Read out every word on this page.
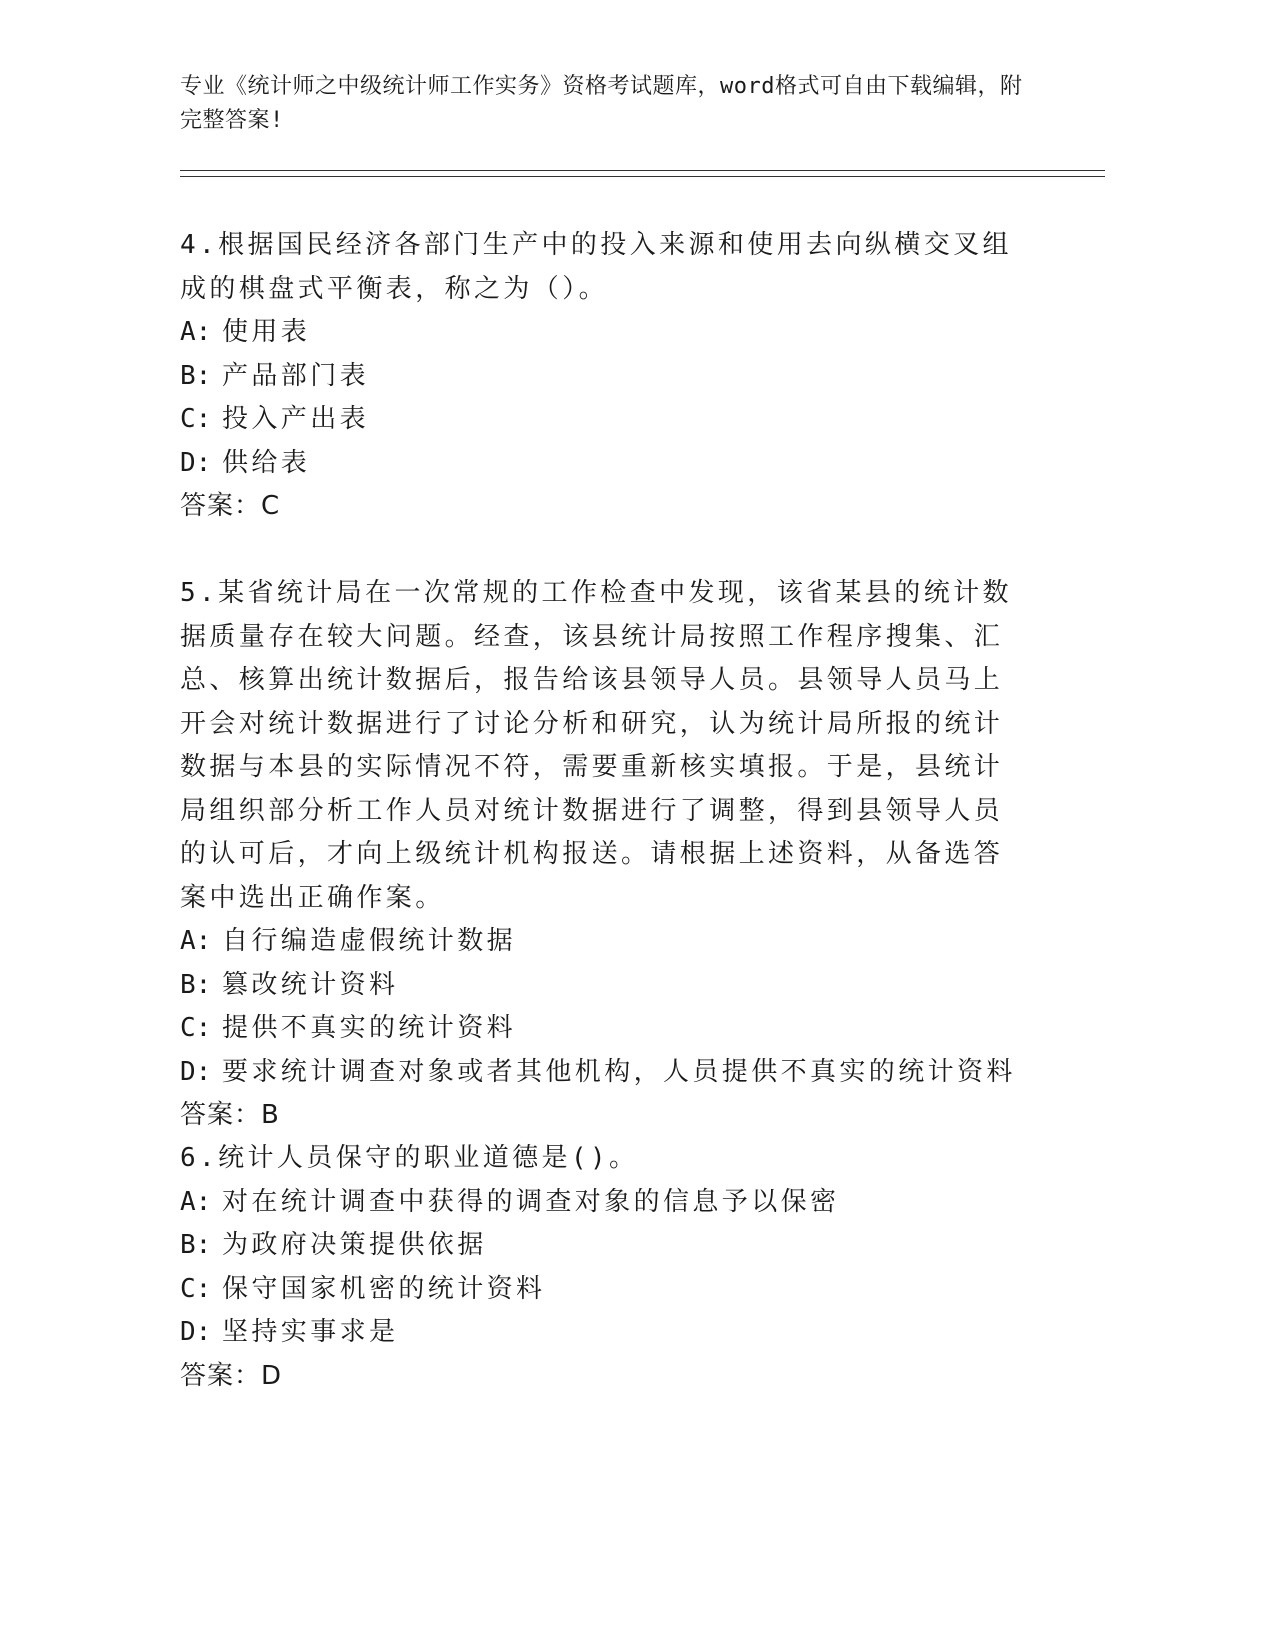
专业《统计师之中级统计师工作实务》资格考试题库，word格式可自由下载编辑，附完整答案!

4.根据国民经济各部门生产中的投入来源和使用去向纵横交叉组成的棋盘式平衡表，称之为（）。

A: 使用表

B: 产品部门表

C: 投入产出表

D: 供给表

答案：C

5.某省统计局在一次常规的工作检查中发现，该省某县的统计数据质量存在较大问题。经查，该县统计局按照工作程序搜集、汇总、核算出统计数据后，报告给该县领导人员。县领导人员马上开会对统计数据进行了讨论分析和研究，认为统计局所报的统计数据与本县的实际情况不符，需要重新核实填报。于是，县统计局组织部分析工作人员对统计数据进行了调整，得到县领导人员的认可后，才向上级统计机构报送。请根据上述资料，从备选答案中选出正确作案。

A: 自行编造虚假统计数据

B: 篡改统计资料

C: 提供不真实的统计资料

D: 要求统计调查对象或者其他机构，人员提供不真实的统计资料

答案：B

6.统计人员保守的职业道德是()。

A: 对在统计调查中获得的调查对象的信息予以保密

B: 为政府决策提供依据

C: 保守国家机密的统计资料

D: 坚持实事求是

答案：D
